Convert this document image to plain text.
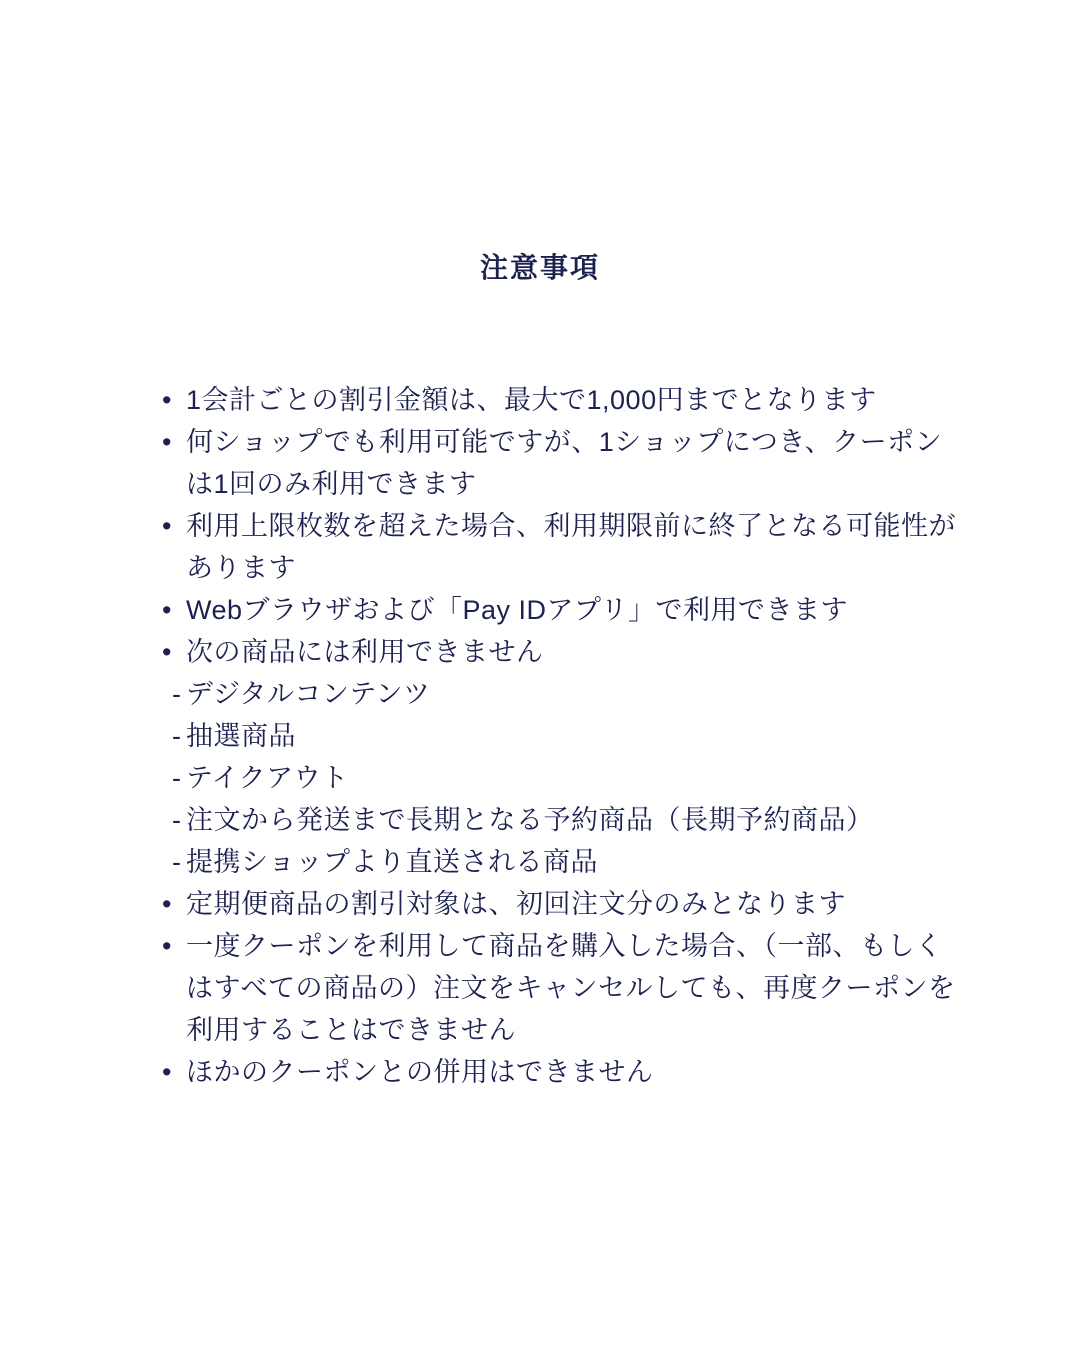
注意事項
• 1会計ごとの割引金額は、最大で1,000円までとなります
• 何ショップでも利用可能ですが、1ショップにつき、クーポンは1回のみ利用できます
• 利用上限枚数を超えた場合、利用期限前に終了となる可能性があります
• Webブラウザおよび「Pay IDアプリ」で利用できます
• 次の商品には利用できません
- デジタルコンテンツ
- 抽選商品
- テイクアウト
- 注文から発送まで長期となる予約商品（長期予約商品）
- 提携ショップより直送される商品
• 定期便商品の割引対象は、初回注文分のみとなります
• 一度クーポンを利用して商品を購入した場合、（一部、もしくはすべての商品の）注文をキャンセルしても、再度クーポンを利用することはできません
• ほかのクーポンとの併用はできません
